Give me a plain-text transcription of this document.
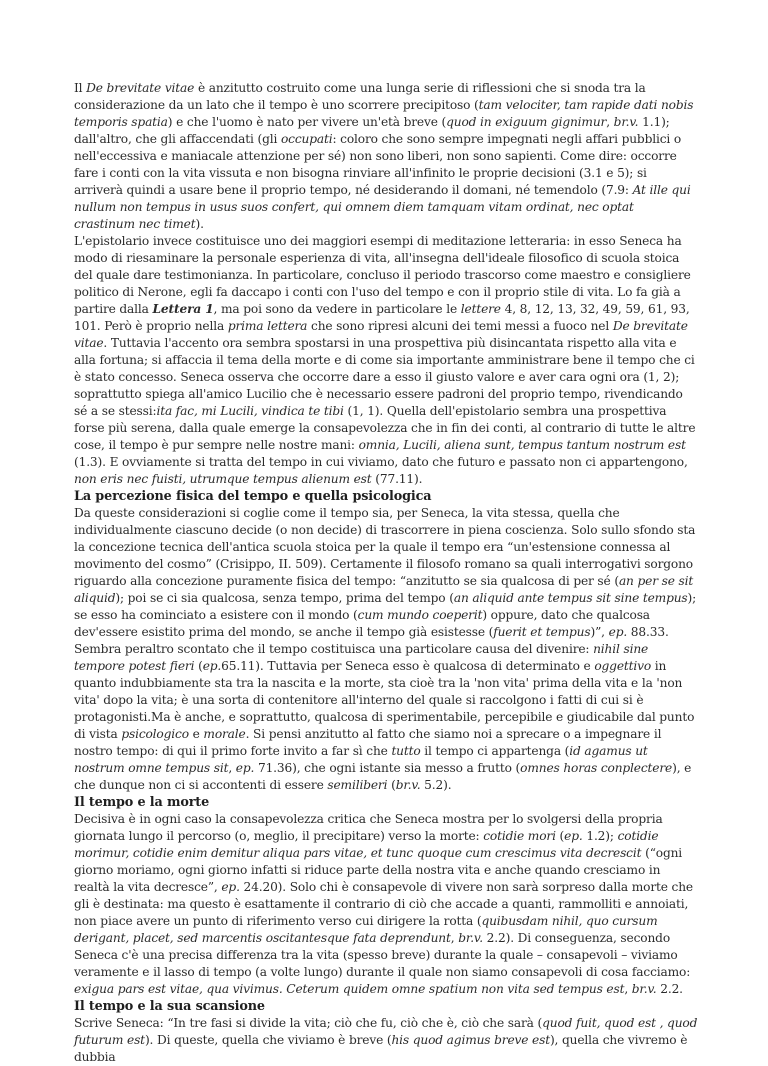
Il De brevitate vitae è anzitutto costruito come una lunga serie di riflessioni che si snoda tra la considerazione da un lato che il tempo è uno scorrere precipitoso (tam velociter, tam rapide dati nobis temporis spatia) e che l'uomo è nato per vivere un'età breve (quod in exiguum gignimur, br.v. 1.1); dall'altro, che gli affaccendati (gli occupati: coloro che sono sempre impegnati negli affari pubblici o nell'eccessiva e maniacale attenzione per sé) non sono liberi, non sono sapienti. Come dire: occorre fare i conti con la vita vissuta e non bisogna rinviare all'infinito le proprie decisioni (3.1 e 5); si arriverà quindi a usare bene il proprio tempo, né desiderando il domani, né temendolo (7.9: At ille qui nullum non tempus in usus suos confert, qui omnem diem tamquam vitam ordinat, nec optat crastinum nec timet).

L'epistolario invece costituisce uno dei maggiori esempi di meditazione letteraria: in esso Seneca ha modo di riesaminare la personale esperienza di vita, all'insegna dell'ideale filosofico di scuola stoica del quale dare testimonianza. In particolare, concluso il periodo trascorso come maestro e consigliere politico di Nerone, egli fa daccapo i conti con l'uso del tempo e con il proprio stile di vita. Lo fa già a partire dalla Lettera 1, ma poi sono da vedere in particolare le lettere 4, 8, 12, 13, 32, 49, 59, 61, 93, 101. Però è proprio nella prima lettera che sono ripresi alcuni dei temi messi a fuoco nel De brevitate vitae. Tuttavia l'accento ora sembra spostarsi in una prospettiva più disincantata rispetto alla vita e alla fortuna; si affaccia il tema della morte e di come sia importante amministrare bene il tempo che ci è stato concesso. Seneca osserva che occorre dare a esso il giusto valore e aver cara ogni ora (1, 2); soprattutto spiega all'amico Lucilio che è necessario essere padroni del proprio tempo, rivendicando sé a se stessi:ita fac, mi Lucili, vindica te tibi (1, 1). Quella dell'epistolario sembra una prospettiva forse più serena, dalla quale emerge la consapevolezza che in fin dei conti, al contrario di tutte le altre cose, il tempo è pur sempre nelle nostre mani: omnia, Lucili, aliena sunt, tempus tantum nostrum est (1.3). E ovviamente si tratta del tempo in cui viviamo, dato che futuro e passato non ci appartengono, non eris nec fuisti, utrumque tempus alienum est (77.11).

La percezione fisica del tempo e quella psicologica

Da queste considerazioni si coglie come il tempo sia, per Seneca, la vita stessa, quella che individualmente ciascuno decide (o non decide) di trascorrere in piena coscienza. Solo sullo sfondo sta la concezione tecnica dell'antica scuola stoica per la quale il tempo era “un'estensione connessa al movimento del cosmo” (Crisippo, II. 509). Certamente il filosofo romano sa quali interrogativi sorgono riguardo alla concezione puramente fisica del tempo: “anzitutto se sia qualcosa di per sé (an per se sit aliquid); poi se ci sia qualcosa, senza tempo, prima del tempo (an aliquid ante tempus sit sine tempus); se esso ha cominciato a esistere con il mondo (cum mundo coeperit) oppure, dato che qualcosa dev'essere esistito prima del mondo, se anche il tempo già esistesse (fuerit et tempus)”, ep. 88.33. Sembra peraltro scontato che il tempo costituisca una particolare causa del divenire: nihil sine tempore potest fieri (ep.65.11). Tuttavia per Seneca esso è qualcosa di determinato e oggettivo in quanto indubbiamente sta tra la nascita e la morte, sta cioè tra la 'non vita' prima della vita e la 'non vita' dopo la vita; è una sorta di contenitore all'interno del quale si raccolgono i fatti di cui si è protagonisti.Ma è anche, e soprattutto, qualcosa di sperimentabile, percepibile e giudicabile dal punto di vista psicologico e morale. Si pensi anzitutto al fatto che siamo noi a sprecare o a impegnare il nostro tempo: di qui il primo forte invito a far sì che tutto il tempo ci appartenga (id agamus ut nostrum omne tempus sit, ep. 71.36), che ogni istante sia messo a frutto (omnes horas conplectere), e che dunque non ci si accontenti di essere semiliberi (br.v. 5.2).

Il tempo e la morte

Decisiva è in ogni caso la consapevolezza critica che Seneca mostra per lo svolgersi della propria giornata lungo il percorso (o, meglio, il precipitare) verso la morte: cotidie mori (ep. 1.2); cotidie morimur, cotidie enim demitur aliqua pars vitae, et tunc quoque cum crescimus vita decrescit (“ogni giorno moriamo, ogni giorno infatti si riduce parte della nostra vita e anche quando cresciamo in realtà la vita decresce”, ep. 24.20). Solo chi è consapevole di vivere non sarà sorpreso dalla morte che gli è destinata: ma questo è esattamente il contrario di ciò che accade a quanti, rammolliti e annoiati, non piace avere un punto di riferimento verso cui dirigere la rotta (quibusdam nihil, quo cursum derigant, placet, sed marcentis oscitantesque fata deprendunt, br.v. 2.2). Di conseguenza, secondo Seneca c'è una precisa differenza tra la vita (spesso breve) durante la quale – consapevoli – viviamo veramente e il lasso di tempo (a volte lungo) durante il quale non siamo consapevoli di cosa facciamo: exigua pars est vitae, qua vivimus. Ceterum quidem omne spatium non vita sed tempus est, br.v. 2.2.

Il tempo e la sua scansione

Scrive Seneca: “In tre fasi si divide la vita; ciò che fu, ciò che è, ciò che sarà (quod fuit, quod est , quod futurum est). Di queste, quella che viviamo è breve (his quod agimus breve est), quella che vivremo è dubbia
